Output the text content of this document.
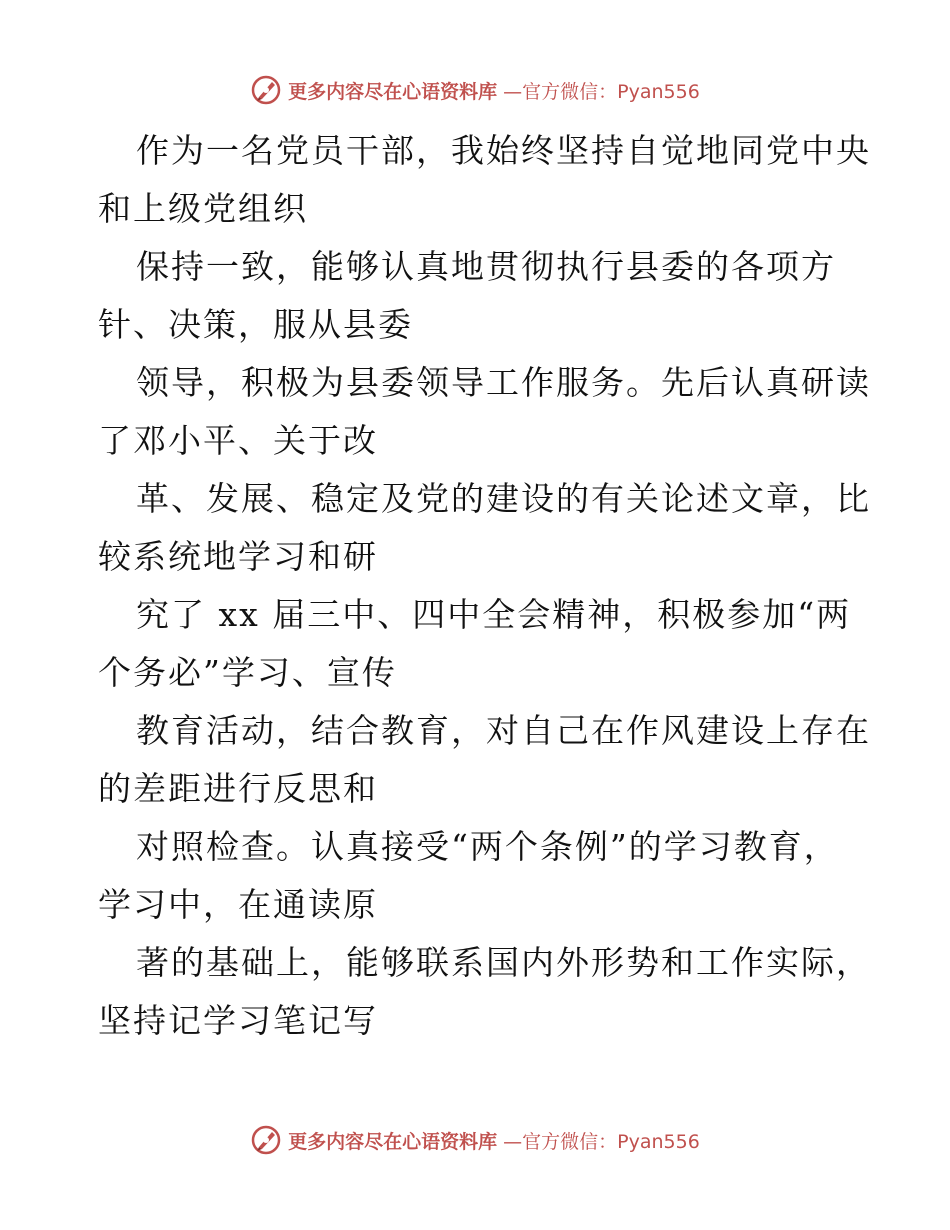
更多内容尽在心语资料库 —官方微信：Pyan556
作为一名党员干部，我始终坚持自觉地同党中央
和上级党组织
保持一致，能够认真地贯彻执行县委的各项方
针、决策，服从县委
领导，积极为县委领导工作服务。先后认真研读
了邓小平、关于改
革、发展、稳定及党的建设的有关论述文章，比
较系统地学习和研
究了 xx 届三中、四中全会精神，积极参加“两
个务必”学习、宣传
教育活动，结合教育，对自己在作风建设上存在
的差距进行反思和
对照检查。认真接受“两个条例”的学习教育，
学习中，在通读原
著的基础上，能够联系国内外形势和工作实际，
坚持记学习笔记写
更多内容尽在心语资料库 —官方微信：Pyan556
